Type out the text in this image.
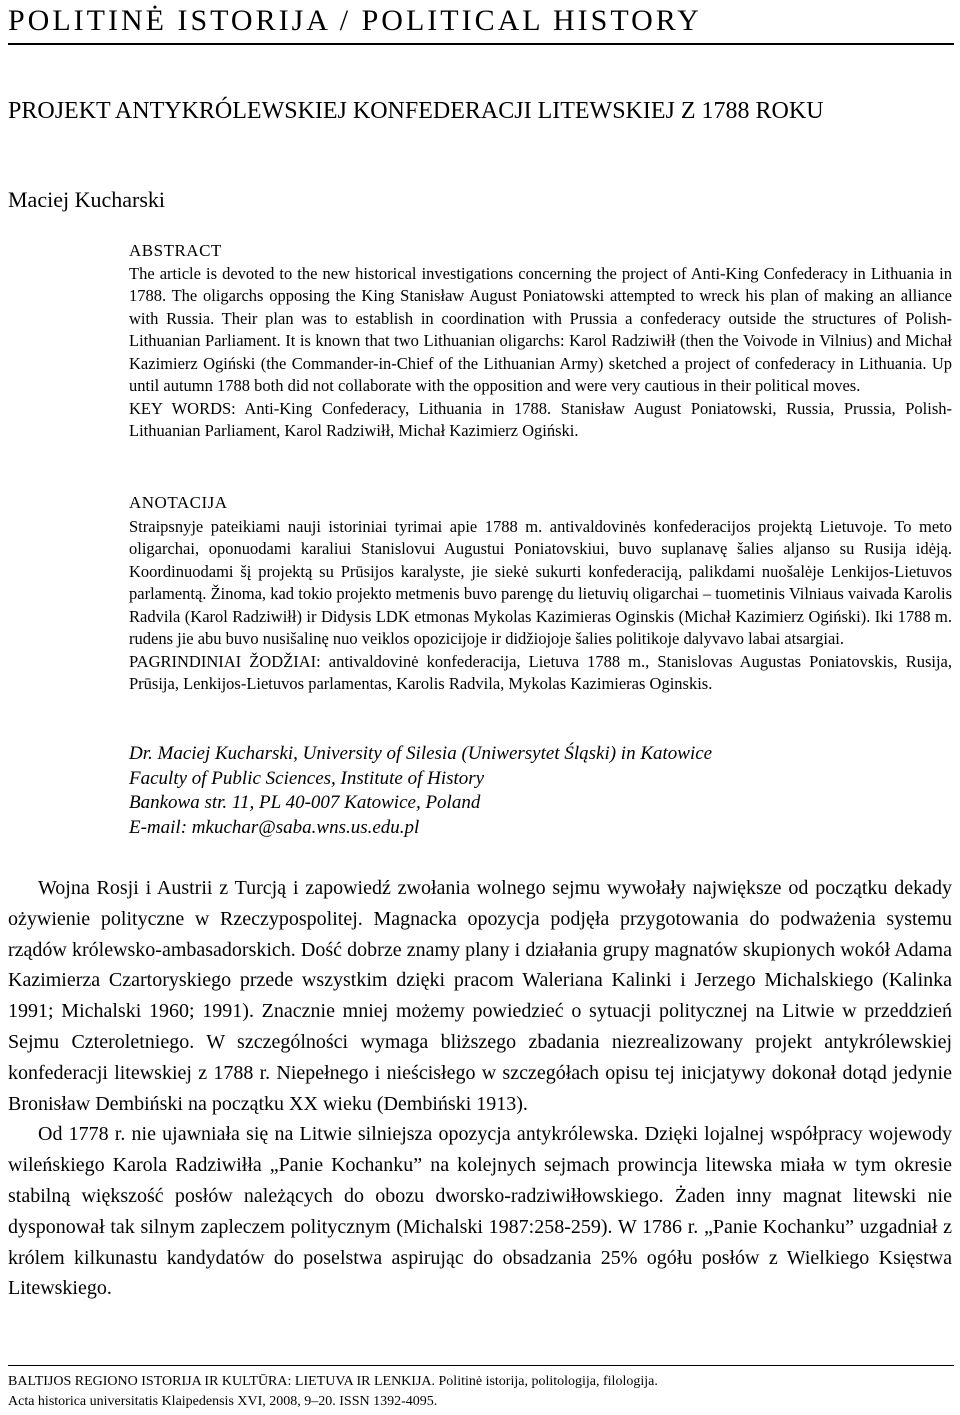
POLITINĖ ISTORIJA / POLITICAL HISTORY
PROJEKT ANTYKRÓLEWSKIEJ KONFEDERACJI LITEWSKIEJ Z 1788 ROKU
Maciej Kucharski
ABSTRACT

The article is devoted to the new historical investigations concerning the project of Anti-King Confederacy in Lithuania in 1788. The oligarchs opposing the King Stanisław August Poniatowski attempted to wreck his plan of making an alliance with Russia. Their plan was to establish in coordination with Prussia a confederacy outside the structures of Polish-Lithuanian Parliament. It is known that two Lithuanian oligarchs: Karol Radziwiłł (then the Voivode in Vilnius) and Michał Kazimierz Ogiński (the Commander-in-Chief of the Lithuanian Army) sketched a project of confederacy in Lithuania. Up until autumn 1788 both did not collaborate with the opposition and were very cautious in their political moves.

KEY WORDS: Anti-King Confederacy, Lithuania in 1788. Stanisław August Poniatowski, Russia, Prussia, Polish-Lithuanian Parliament, Karol Radziwiłł, Michał Kazimierz Ogiński.

ANOTACIJA

Straipsnyje pateikiami nauji istoriniai tyrimai apie 1788 m. antivaldovinės konfederacijos projektą Lietuvoje. To meto oligarchai, oponuodami karaliui Stanislovui Augustui Poniatovskiui, buvo suplanavę šalies aljanso su Rusija idėją. Koordinuodami šį projektą su Prūsijos karalyste, jie siekė sukurti konfederaciją, palikdami nuošalėje Lenkijos-Lietuvos parlamentą. Žinoma, kad tokio projekto metmenis buvo parengę du lietuvių oligarchai – tuometinis Vilniaus vaivada Karolis Radvila (Karol Radziwiłł) ir Didysis LDK etmonas Mykolas Kazimieras Oginskis (Michał Kazimierz Ogiński). Iki 1788 m. rudens jie abu buvo nusišalinę nuo veiklos opozicijoje ir didžiojoje šalies politikoje dalyvavo labai atsargiai.

PAGRINDINIAI ŽODŽIAI: antivaldovinė konfederacija, Lietuva 1788 m., Stanislovas Augustas Poniatovskis, Rusija, Prūsija, Lenkijos-Lietuvos parlamentas, Karolis Radvila, Mykolas Kazimieras Oginskis.

Dr. Maciej Kucharski, University of Silesia (Uniwersytet Śląski) in Katowice
Faculty of Public Sciences, Institute of History
Bankowa str. 11, PL 40-007 Katowice, Poland
E-mail: mkuchar@saba.wns.us.edu.pl

Wojna Rosji i Austrii z Turcją i zapowiedź zwołania wolnego sejmu wywołały największe od początku dekady ożywienie polityczne w Rzeczypospolitej. Magnacka opozycja podjęła przygotowania do podważenia systemu rządów królewsko-ambasadorskich. Dość dobrze znamy plany i działania grupy magnatów skupionych wokół Adama Kazimierza Czartoryskiego przede wszystkim dzięki pracom Waleriana Kalinki i Jerzego Michalskiego (Kalinka 1991; Michalski 1960; 1991). Znacznie mniej możemy powiedzieć o sytuacji politycznej na Litwie w przeddzień Sejmu Czteroletniego. W szczególności wymaga bliższego zbadania niezrealizowany projekt antykrólewskiej konfederacji litewskiej z 1788 r. Niepełnego i nieścisłego w szczegółach opisu tej inicjatywy dokonał dotąd jedynie Bronisław Dembiński na początku XX wieku (Dembiński 1913).

Od 1778 r. nie ujawniała się na Litwie silniejsza opozycja antykrólewska. Dzięki lojalnej współpracy wojewody wileńskiego Karola Radziwiłła „Panie Kochanku” na kolejnych sejmach prowincja litewska miała w tym okresie stabilną większość posłów należących do obozu dworsko-radziwiłłowskiego. Żaden inny magnat litewski nie dysponował tak silnym zapleczem politycznym (Michalski 1987:258-259). W 1786 r. „Panie Kochanku” uzgadniał z królem kilkunastu kandydatów do poselstwa aspirując do obsadzania 25% ogółu posłów z Wielkiego Księstwa Litewskiego.

BALTIJOS REGIONO ISTORIJA IR KULTŪRA: LIETUVA IR LENKIJA. Politinė istorija, politologija, filologija.
Acta historica universitatis Klaipedensis XVI, 2008, 9–20. ISSN 1392-4095.
